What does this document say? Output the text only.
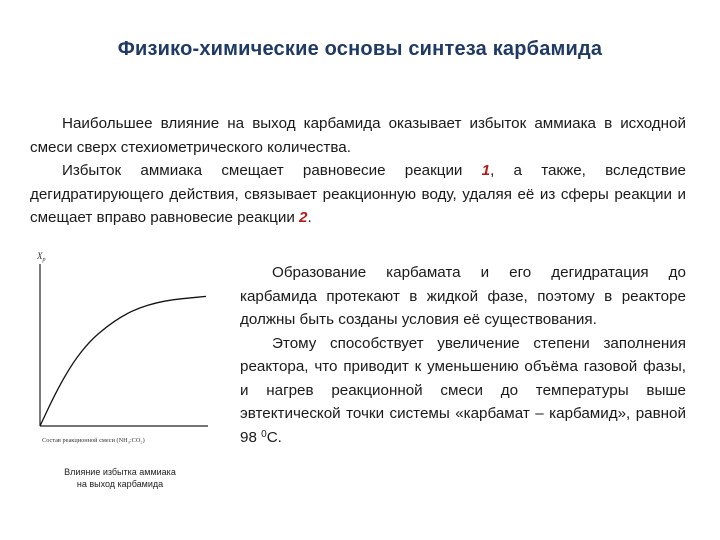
Физико-химические основы синтеза карбамида

Наибольшее влияние на выход карбамида оказывает избыток аммиака в исходной смеси сверх стехиометрического количества.

Избыток аммиака смещает равновесие реакции 1, а также, вследствие дегидратирующего действия, связывает реакционную воду, удаляя её из сферы реакции и смещает вправо равновесие реакции 2.

$X_p$
Состав реакционной смеси (NH₃:CO₂)
Влияние избытка аммиака
на выход карбамида

Образование карбамата и его дегидратация до карбамида протекают в жидкой фазе, поэтому в реакторе должны быть созданы условия её существования.

Этому способствует увеличение степени заполнения реактора, что приводит к уменьшению объёма газовой фазы, и нагрев реакционной смеси до температуры выше эвтектической точки системы «карбамат – карбамид», равной 98 $^0$С.
